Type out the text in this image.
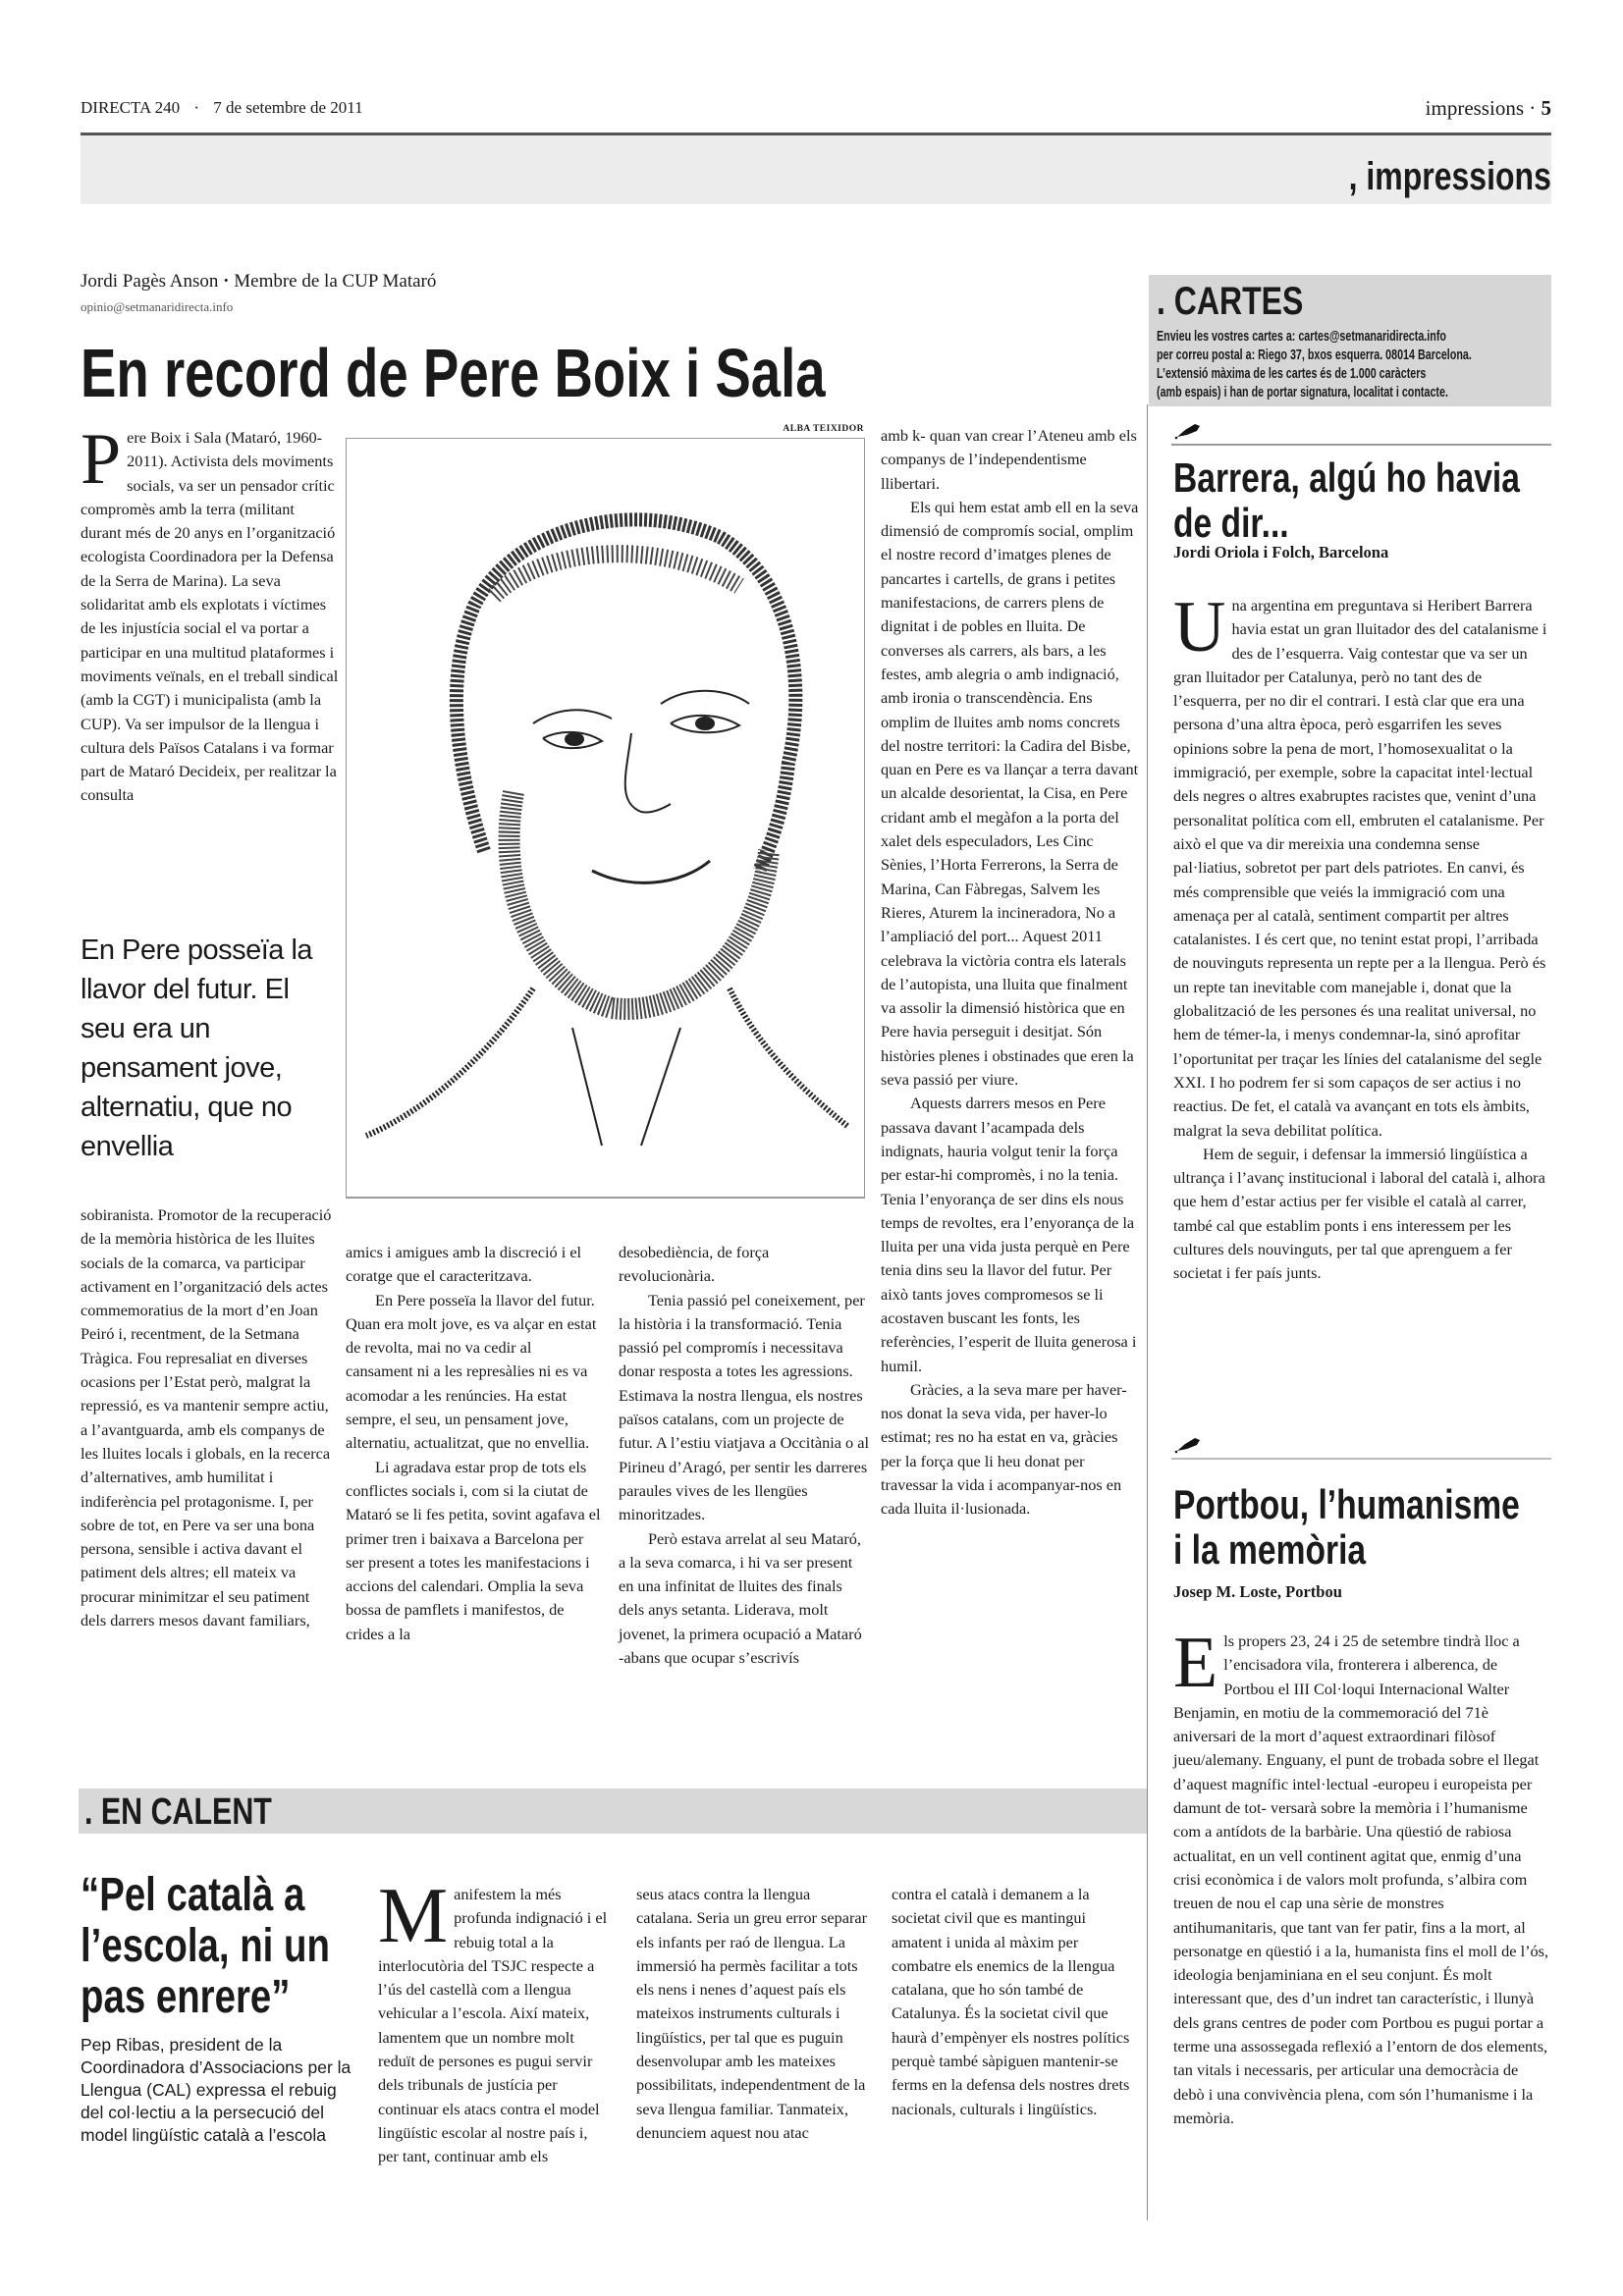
DIRECTA 240 · 7 de setembre de 2011	impressions · 5
, impressions
Jordi Pagès Anson · Membre de la CUP Mataró
opinio@setmanaridirecta.info
En record de Pere Boix i Sala
P ere Boix i Sala (Mataró, 1960-2011). Activista dels moviments socials, va ser un pensador crític compromès amb la terra (militant durant més de 20 anys en l’organització ecologista Coordinadora per la Defensa de la Serra de Marina). La seva solidaritat amb els explotats i víctimes de les injustícia social el va portar a participar en una multitud plataformes i moviments veïnals, en el treball sindical (amb la CGT) i municipalista (amb la CUP). Va ser impulsor de la llengua i cultura dels Països Catalans i va formar part de Mataró Decideix, per realitzar la consulta

En Pere posseïa la llavor del futur. El seu era un pensament jove, alternatiu, que no envellia

sobiranista. Promotor de la recuperació de la memòria històrica de les lluites socials de la comarca, va participar activament en l’organització dels actes commemoratius de la mort d’en Joan Peiró i, recentment, de la Setmana Tràgica. Fou represaliat en diverses ocasions per l’Estat però, malgrat la repressió, es va mantenir sempre actiu, a l’avantguarda, amb els companys de les lluites locals i globals, en la recerca d’alternatives, amb humilitat i indiferència pel protagonisme. I, per sobre de tot, en Pere va ser una bona persona, sensible i activa davant el patiment dels altres; ell mateix va procurar minimitzar el seu patiment dels darrers mesos davant familiars,

ALBA TEIXIDOR

amics i amigues amb la discreció i el coratge que el caracteritzava.

En Pere posseïa la llavor del futur. Quan era molt jove, es va alçar en estat de revolta, mai no va cedir al cansament ni a les represàlies ni es va acomodar a les renúncies. Ha estat sempre, el seu, un pensament jove, alternatiu, actualitzat, que no envellia.

Li agradava estar prop de tots els conflictes socials i, com si la ciutat de Mataró se li fes petita, sovint agafava el primer tren i baixava a Barcelona per ser present a totes les manifestacions i accions del calendari. Omplia la seva bossa de pamflets i manifestos, de crides a la

desobediència, de força revolucionària.

Tenia passió pel coneixement, per la història i la transformació. Tenia passió pel compromís i necessitava donar resposta a totes les agressions. Estimava la nostra llengua, els nostres països catalans, com un projecte de futur. A l’estiu viatjava a Occitània o al Pirineu d’Aragó, per sentir les darreres paraules vives de les llengües minoritzades.

Però estava arrelat al seu Mataró, a la seva comarca, i hi va ser present en una infinitat de lluites des finals dels anys setanta. Liderava, molt jovenet, la primera ocupació a Mataró -abans que ocupar s’escrivís

amb k- quan van crear l’Ateneu amb els companys de l’independentisme llibertari.

Els qui hem estat amb ell en la seva dimensió de compromís social, omplim el nostre record d’imatges plenes de pancartes i cartells, de grans i petites manifestacions, de carrers plens de dignitat i de pobles en lluita. De converses als carrers, als bars, a les festes, amb alegria o amb indignació, amb ironia o transcendència. Ens omplim de lluites amb noms concrets del nostre territori: la Cadira del Bisbe, quan en Pere es va llançar a terra davant un alcalde desorientat, la Cisa, en Pere cridant amb el megàfon a la porta del xalet dels especuladors, Les Cinc Sènies, l’Horta Ferrerons, la Serra de Marina, Can Fàbregas, Salvem les Rieres, Aturem la incineradora, No a l’ampliació del port... Aquest 2011 celebrava la victòria contra els laterals de l’autopista, una lluita que finalment va assolir la dimensió històrica que en Pere havia perseguit i desitjat. Són històries plenes i obstinades que eren la seva passió per viure.

Aquests darrers mesos en Pere passava davant l’acampada dels indignats, hauria volgut tenir la força per estar-hi compromès, i no la tenia. Tenia l’enyorança de ser dins els nous temps de revoltes, era l’enyorança de la lluita per una vida justa perquè en Pere tenia dins seu la llavor del futur. Per això tants joves compromesos se li acostaven buscant les fonts, les referències, l’esperit de lluita generosa i humil.

Gràcies, a la seva mare per haver-nos donat la seva vida, per haver-lo estimat; res no ha estat en va, gràcies per la força que li heu donat per travessar la vida i acompanyar-nos en cada lluita il·lusionada.

. CARTES
Envieu les vostres cartes a: cartes@setmanaridirecta.info
per correu postal a: Riego 37, bxos esquerra. 08014 Barcelona.
L’extensió màxima de les cartes és de 1.000 caràcters
(amb espais) i han de portar signatura, localitat i contacte.
Barrera, algú ho havia de dir...
Jordi Oriola i Folch, Barcelona
U na argentina em preguntava si Heribert Barrera havia estat un gran lluitador des del catalanisme i des de l’esquerra. Vaig contestar que va ser un gran lluitador per Catalunya, però no tant des de l’esquerra, per no dir el contrari. I està clar que era una persona d’una altra època, però esgarrifen les seves opinions sobre la pena de mort, l’homosexualitat o la immigració, per exemple, sobre la capacitat intel·lectual dels negres o altres exabruptes racistes que, venint d’una personalitat política com ell, embruten el catalanisme. Per això el que va dir mereixia una condemna sense pal·liatius, sobretot per part dels patriotes. En canvi, és més comprensible que veiés la immigració com una amenaça per al català, sentiment compartit per altres catalanistes. I és cert que, no tenint estat propi, l’arribada de nouvinguts representa un repte per a la llengua. Però és un repte tan inevitable com manejable i, donat que la globalització de les persones és una realitat universal, no hem de témer-la, i menys condemnar-la, sinó aprofitar l’oportunitat per traçar les línies del catalanisme del segle XXI. I ho podrem fer si som capaços de ser actius i no reactius. De fet, el català va avançant en tots els àmbits, malgrat la seva debilitat política.

Hem de seguir, i defensar la immersió lingüística a ultrança i l’avanç institucional i laboral del català i, alhora que hem d’estar actius per fer visible el català al carrer, també cal que establim ponts i ens interessem per les cultures dels nouvinguts, per tal que aprenguem a fer societat i fer país junts.

Portbou, l’humanisme i la memòria
Josep M. Loste, Portbou
E ls propers 23, 24 i 25 de setembre tindrà lloc a l’encisadora vila, fronterera i alberenca, de Portbou el III Col·loqui Internacional Walter Benjamin, en motiu de la commemoració del 71è aniversari de la mort d’aquest extraordinari filòsof jueu/alemany. Enguany, el punt de trobada sobre el llegat d’aquest magnífic intel·lectual -europeu i europeista per damunt de tot- versarà sobre la memòria i l’humanisme com a antídots de la barbàrie. Una qüestió de rabiosa actualitat, en un vell continent agitat que, enmig d’una crisi econòmica i de valors molt profunda, s’albira com treuen de nou el cap una sèrie de monstres antihumanitaris, que tant van fer patir, fins a la mort, al personatge en qüestió i a la, humanista fins el moll de l’ós, ideologia benjaminiana en el seu conjunt. És molt interessant que, des d’un indret tan característic, i llunyà dels grans centres de poder com Portbou es pugui portar a terme una assossegada reflexió a l’entorn de dos elements, tan vitals i necessaris, per articular una democràcia de debò i una convivència plena, com són l’humanisme i la memòria.

. EN CALENT
“Pel català a l’escola, ni un pas enrere”
Pep Ribas, president de la Coordinadora d’Associacions per la Llengua (CAL) expressa el rebuig del col·lectiu a la persecució del model lingüístic català a l’escola
M anifestem la més profunda indignació i el rebuig total a la interlocutòria del TSJC respecte a l’ús del castellà com a llengua vehicular a l’escola. Així mateix, lamentem que un nombre molt reduït de persones es pugui servir dels tribunals de justícia per continuar els atacs contra el model lingüístic escolar al nostre país i, per tant, continuar amb els

seus atacs contra la llengua catalana. Seria un greu error separar els infants per raó de llengua. La immersió ha permès facilitar a tots els nens i nenes d’aquest país els mateixos instruments culturals i lingüístics, per tal que es puguin desenvolupar amb les mateixes possibilitats, independentment de la seva llengua familiar. Tanmateix, denunciem aquest nou atac

contra el català i demanem a la societat civil que es mantingui amatent i unida al màxim per combatre els enemics de la llengua catalana, que ho són també de Catalunya. És la societat civil que haurà d’empènyer els nostres polítics perquè també sàpiguen mantenir-se ferms en la defensa dels nostres drets nacionals, culturals i lingüístics.
